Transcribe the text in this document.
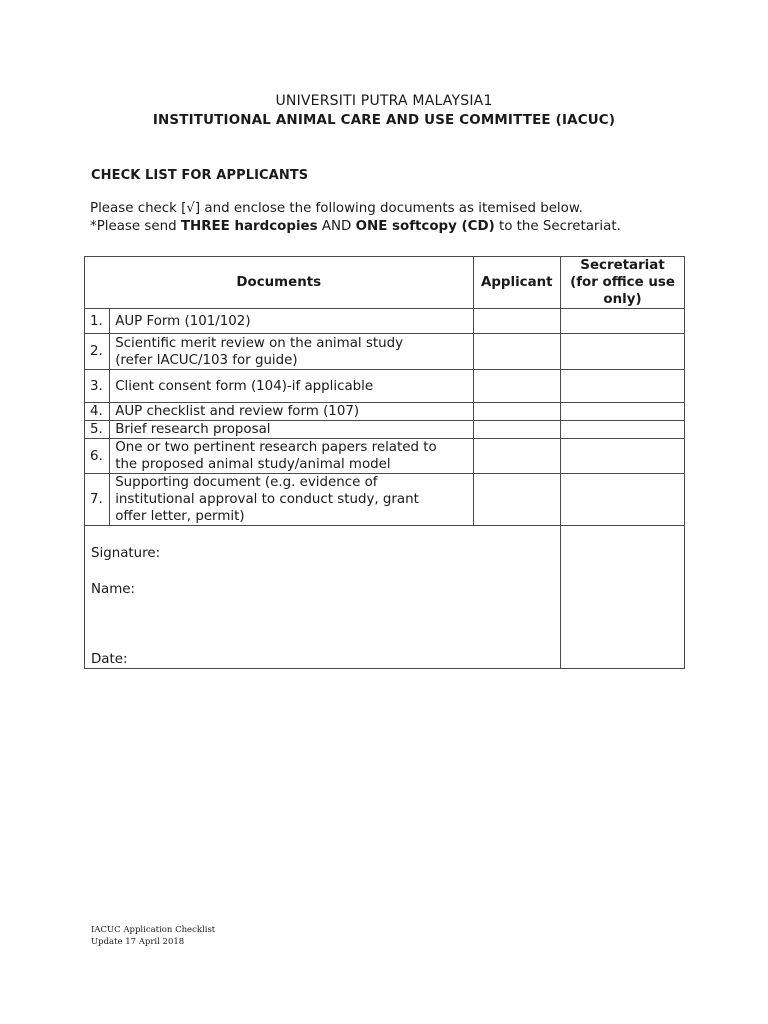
UNIVERSITI PUTRA MALAYSIA1
INSTITUTIONAL ANIMAL CARE AND USE COMMITTEE (IACUC)
CHECK LIST FOR APPLICANTS
Please check [√] and enclose the following documents as itemised below.
*Please send THREE hardcopies AND ONE softcopy (CD) to the Secretariat.
Documents		Applicant	Secretariat
(for office use
only)

1.	AUP Form (101/102)		

2.	Scientific merit review on the animal study
(refer IACUC/103 for guide)		

3.	Client consent form (104)-if applicable		

4.	AUP checklist and review form (107)		

5.	Brief research proposal		

6.	One or two pertinent research papers related to
the proposed animal study/animal model		

7.	Supporting document (e.g. evidence of
institutional approval to conduct study, grant
offer letter, permit)		

Signature:
Name:
Date:			

IACUC Application Checklist
Update 17 April 2018
